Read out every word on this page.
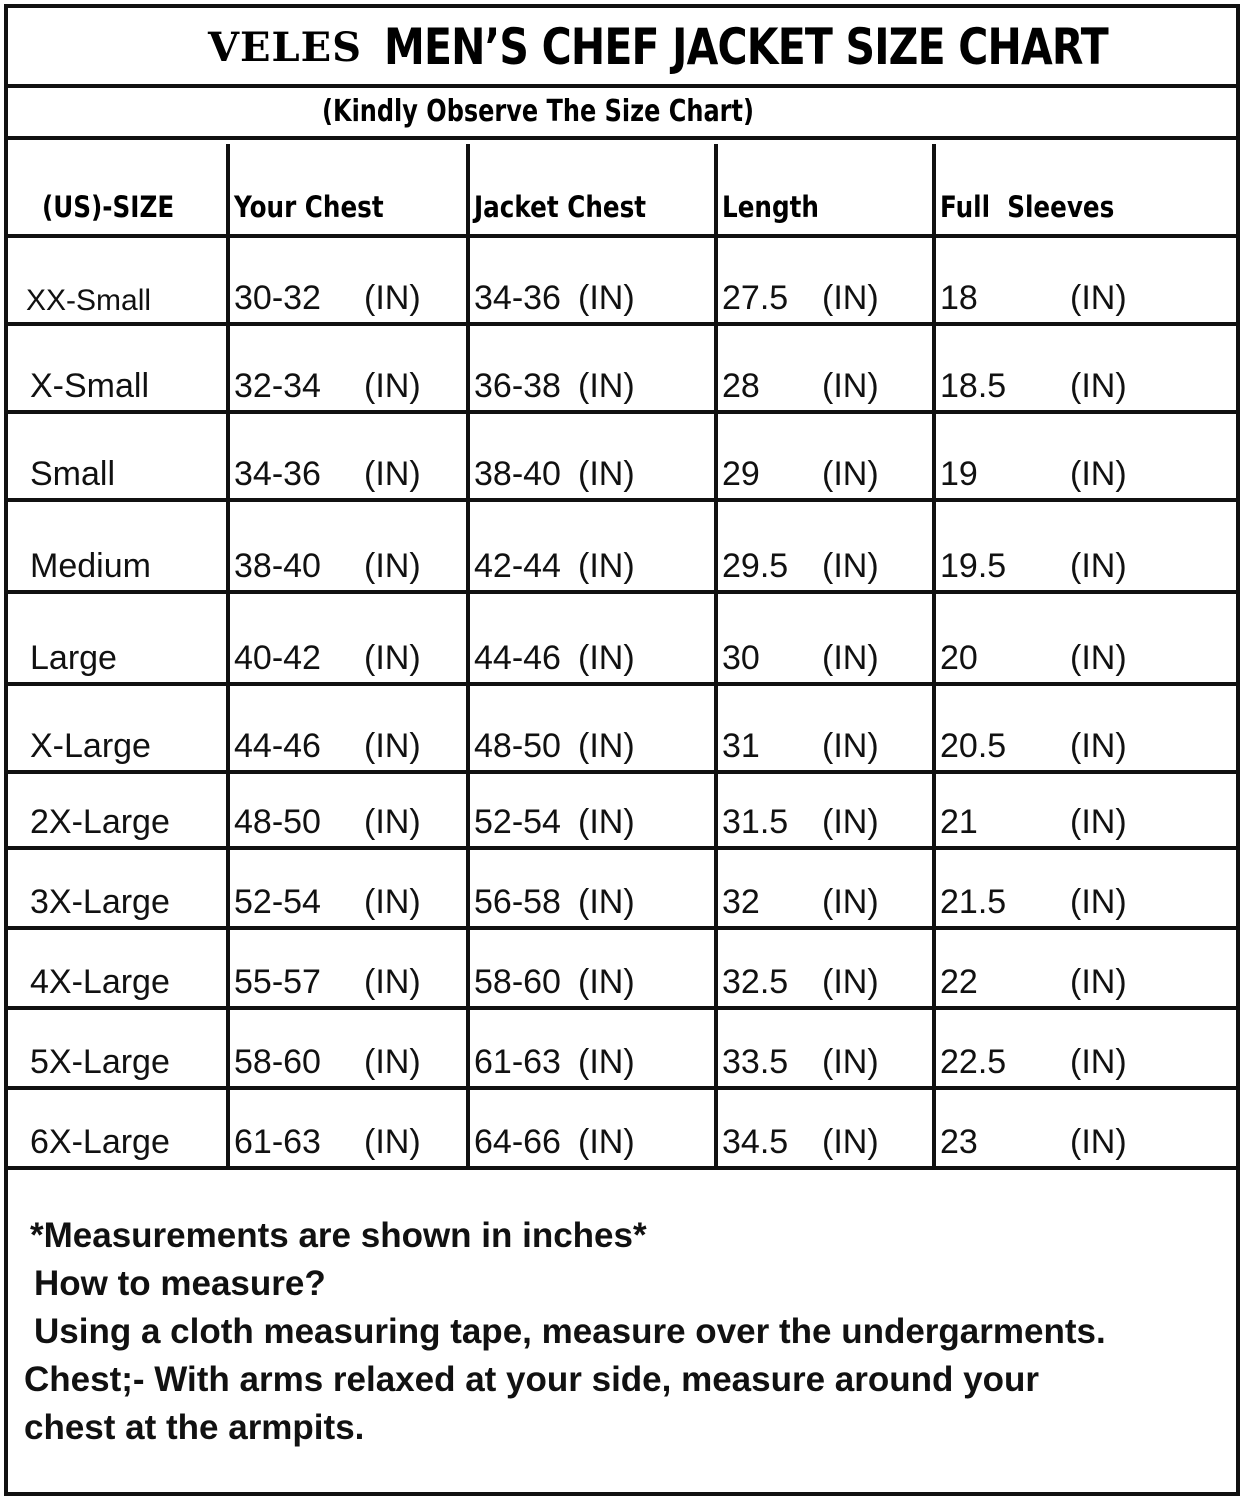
VELES MEN’S CHEF JACKET SIZE CHART
(Kindly Observe The Size Chart)
(US)-SIZE	Your Chest	Jacket Chest	Length	Full  Sleeves
XX-Small	30-32 (IN)	34-36 (IN)	27.5 (IN)	18 (IN)
X-Small	32-34 (IN)	36-38 (IN)	28 (IN)	18.5 (IN)
Small	34-36 (IN)	38-40 (IN)	29 (IN)	19 (IN)
Medium	38-40 (IN)	42-44 (IN)	29.5 (IN)	19.5 (IN)
Large	40-42 (IN)	44-46 (IN)	30 (IN)	20 (IN)
X-Large	44-46 (IN)	48-50 (IN)	31 (IN)	20.5 (IN)
2X-Large	48-50 (IN)	52-54 (IN)	31.5 (IN)	21 (IN)
3X-Large	52-54 (IN)	56-58 (IN)	32 (IN)	21.5 (IN)
4X-Large	55-57 (IN)	58-60 (IN)	32.5 (IN)	22 (IN)
5X-Large	58-60 (IN)	61-63 (IN)	33.5 (IN)	22.5 (IN)
6X-Large	61-63 (IN)	64-66 (IN)	34.5 (IN)	23 (IN)
*Measurements are shown in inches*
How to measure?
Using a cloth measuring tape, measure over the undergarments.
Chest;- With arms relaxed at your side, measure around your
chest at the armpits.
